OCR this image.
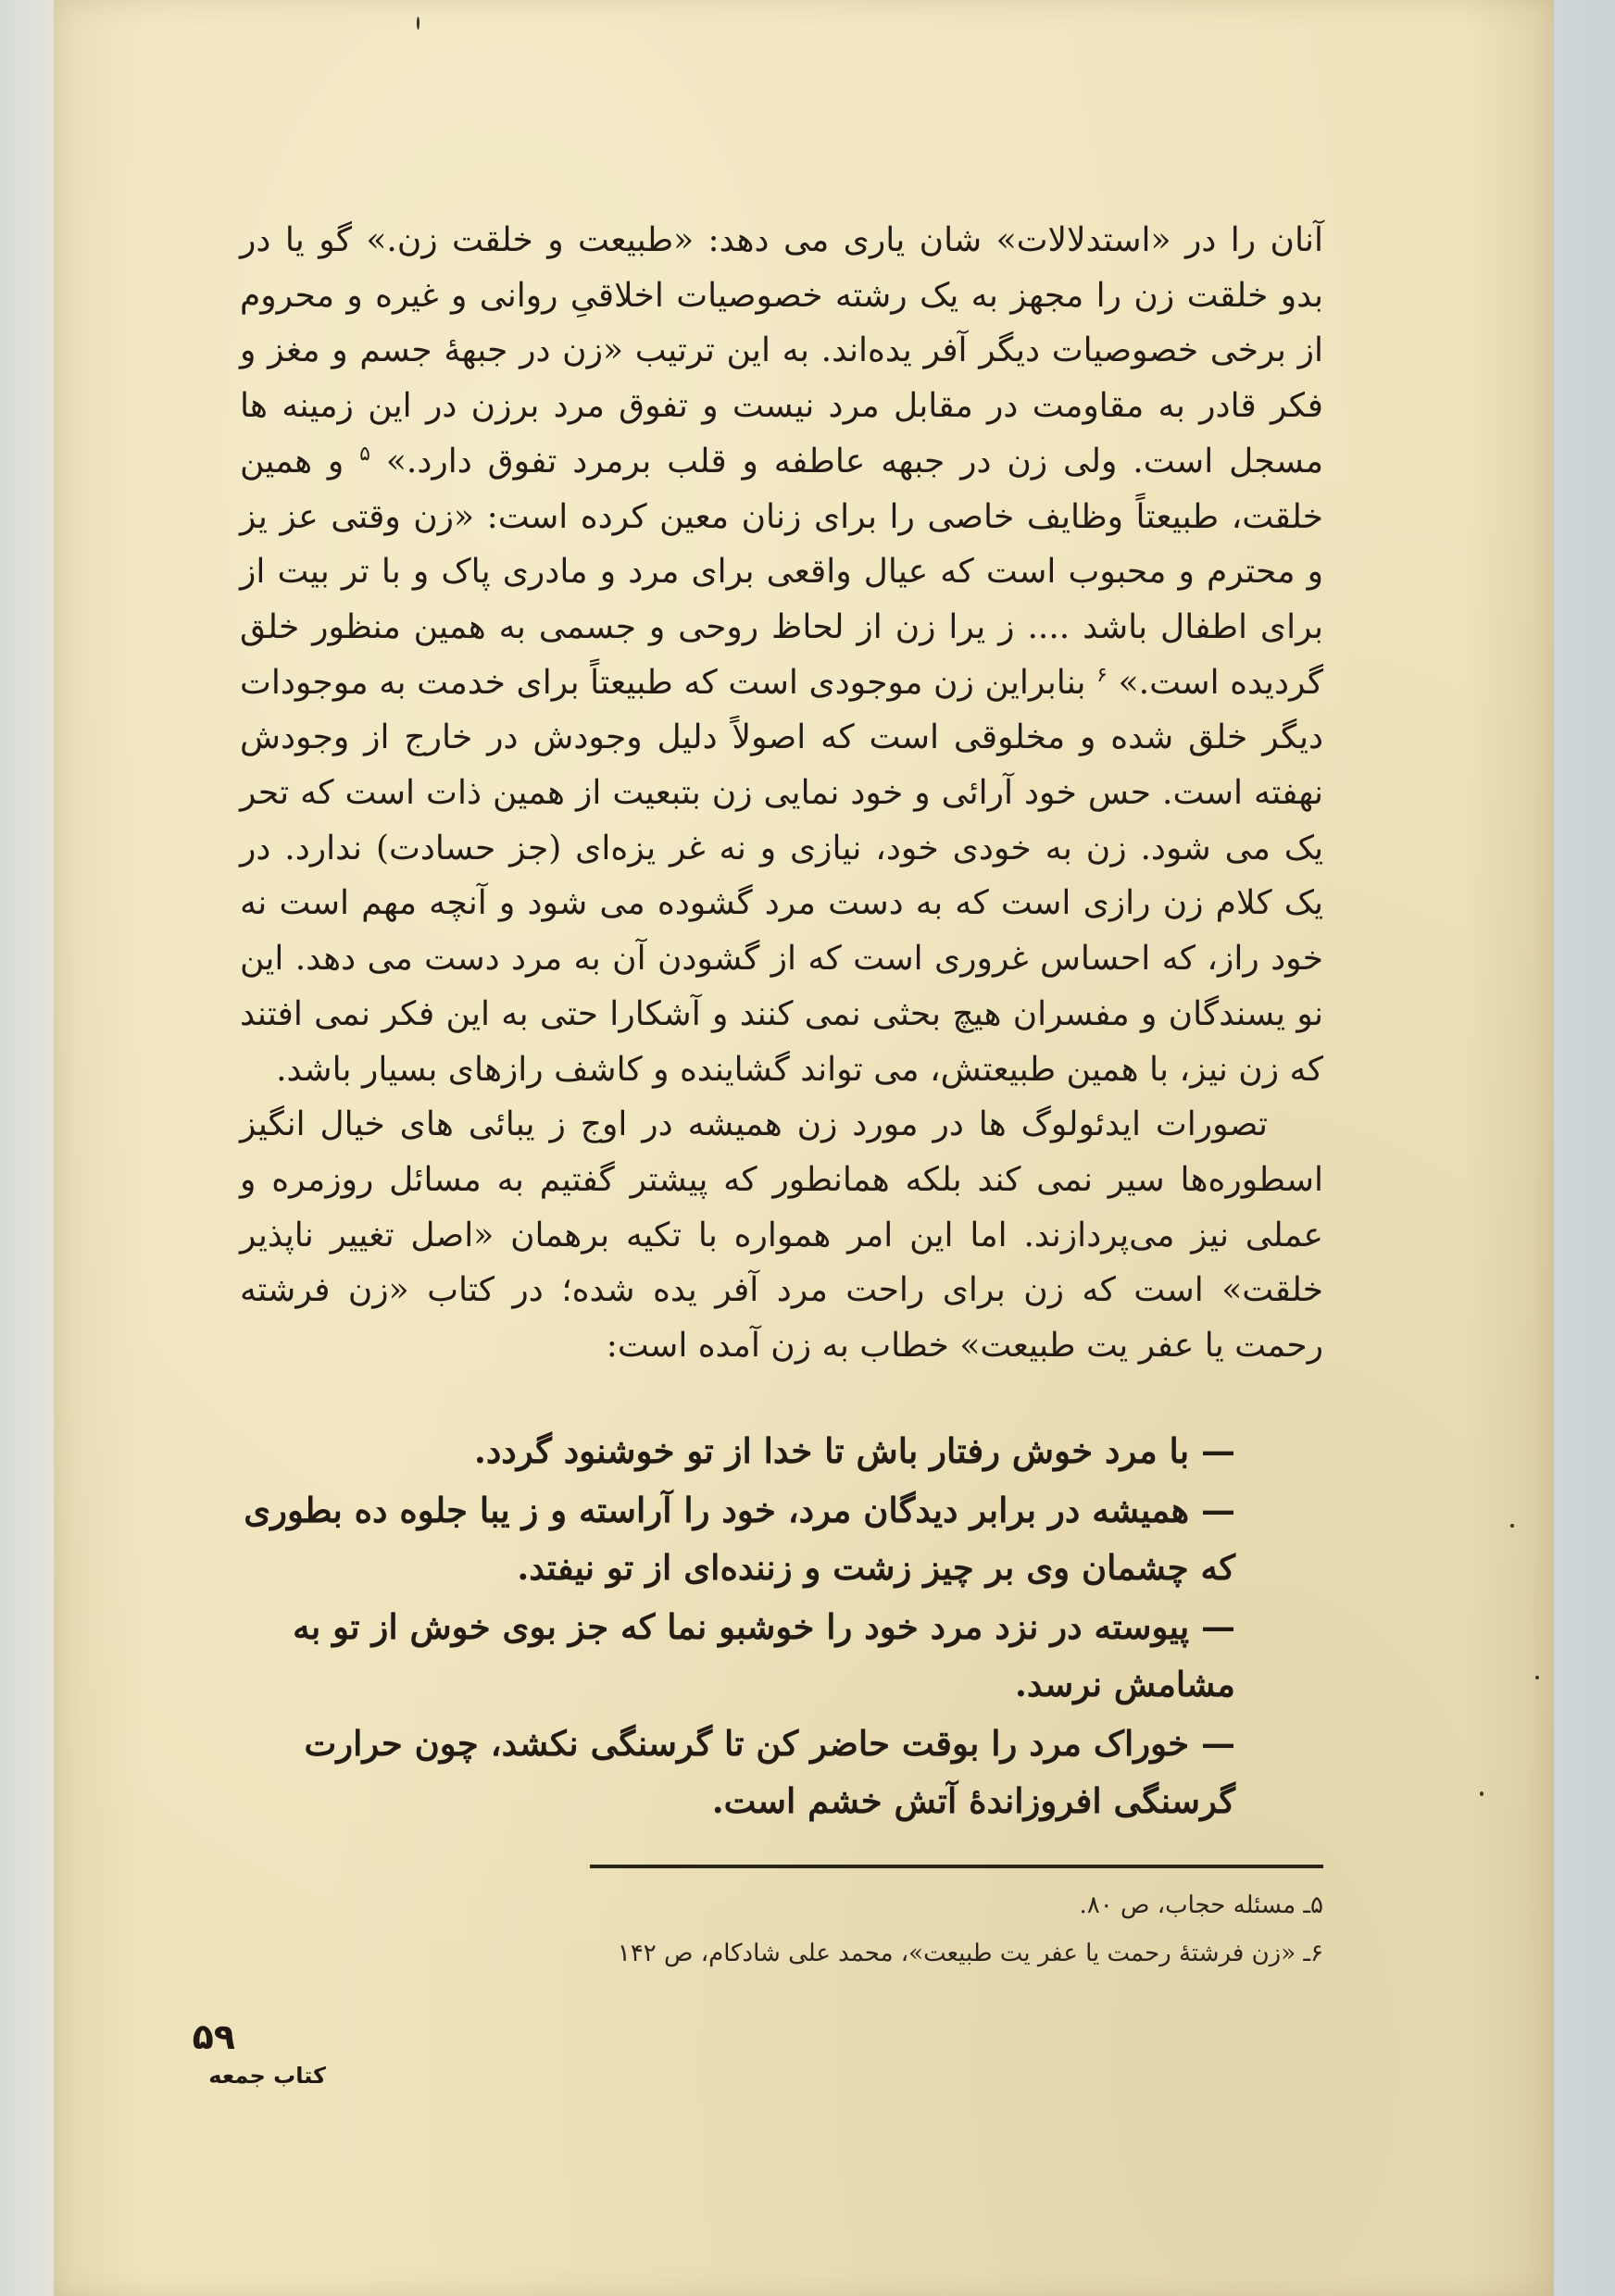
آنان را در «استدلالات» شان یاری می دهد: «طبیعت و خلقت زن.» گو یا در بدو خلقت زن را مجهز به یک رشته خصوصیات اخلاقیِ روانی و غیره و محروم از برخی خصوصیات دیگر آفر یده‌اند. به این ترتیب «زن در جبههٔ جسم و مغز و فکر قادر به مقاومت در مقابل مرد نیست و تفوق مرد برزن در این زمینه ها مسجل است. ولی زن در جبهه عاطفه و قلب برمرد تفوق دارد.» $^۵$ و همین خلقت، طبیعتاً وظایف خاصی را برای زنان معین کرده است: «زن وقتی عز یز و محترم و محبوب است که عیال واقعی برای مرد و مادری پاک و با تر بیت از برای اطفال باشد .... ز یرا زن از لحاظ روحی و جسمی به همین منظور خلق گردیده است.» $^۶$ بنابراین زن موجودی است که طبیعتاً برای خدمت به موجودات دیگر خلق شده و مخلوقی است که اصولاً دلیل وجودش در خارج از وجودش نهفته است. حس خود آرائی و خود نمایی زن بتبعیت از همین ذات است که تحر یک می شود. زن به خودی خود، نیازی و نه غر یزه‌ای (جز حسادت) ندارد. در یک کلام زن رازی است که به دست مرد گشوده می شود و آنچه مهم است نه خود راز، که احساس غروری است که از گشودن آن به مرد دست می دهد. این نو یسندگان و مفسران هیچ بحثی نمی کنند و آشکارا حتی به این فکر نمی افتند که زن نیز، با همین طبیعتش، می تواند گشاینده و کاشف رازهای بسیار باشد.

تصورات ایدئولوگ ها در مورد زن همیشه در اوج ز یبائی های خیال انگیز اسطوره‌ها سیر نمی کند بلکه همانطور که پیشتر گفتیم به مسائل روزمره و عملی نیز می‌پردازند. اما این امر همواره با تکیه برهمان «اصل تغییر ناپذیر خلقت» است که زن برای راحت مرد آفر یده شده؛ در کتاب «زن فرشته رحمت یا عفر یت طبیعت» خطاب به زن آمده است:

— با مرد خوش رفتار باش تا خدا از تو خوشنود گردد.

— همیشه در برابر دیدگان مرد، خود را آراسته و ز یبا جلوه ده بطوری که چشمان وی بر چیز زشت و زننده‌ای از تو نیفتد.

— پیوسته در نزد مرد خود را خوشبو نما که جز بوی خوش از تو به مشامش نرسد.

— خوراک مرد را بوقت حاضر کن تا گرسنگی نکشد، چون حرارت گرسنگی افروزاندهٔ آتش خشم است.

۵ـ مسئله حجاب، ص ۸۰.

۶ـ «زن فرشتهٔ رحمت یا عفر یت طبیعت»، محمد علی شادکام، ص ۱۴۲

۵۹
کتاب جمعه
